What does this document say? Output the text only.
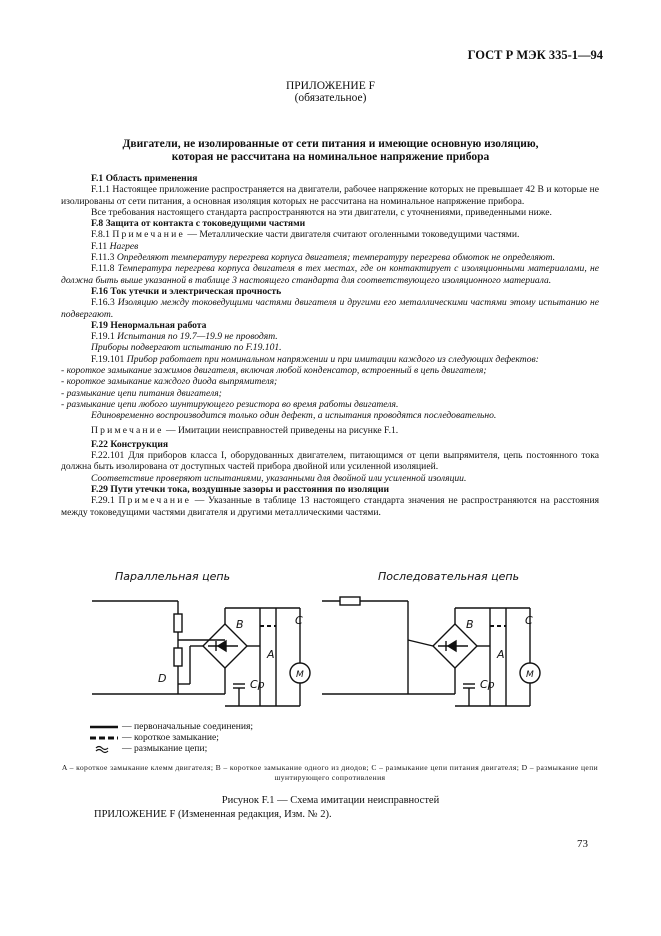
ГОСТ Р МЭК 335-1—94
ПРИЛОЖЕНИЕ F
(обязательное)
Двигатели, не изолированные от сети питания и имеющие основную изоляцию,
которая не рассчитана на номинальное напряжение прибора

F.1 Область применения

F.1.1 Настоящее приложение распространяется на двигатели, рабочее напряжение которых не превышает 42 В и которые не изолированы от сети питания, а основная изоляция которых не рассчитана на номинальное напряжение прибора.

Все требования настоящего стандарта распространяются на эти двигатели, с уточнениями, приведенными ниже.

F.8 Защита от контакта с токоведущими частями

F.8.1 Примечание — Металлические части двигателя считают оголенными токоведущими частями.

F.11 Нагрев

F.11.3 Определяют температуру перегрева корпуса двигателя; температуру перегрева обмоток не определяют.

F.11.8 Температура перегрева корпуса двигателя в тех местах, где он контактирует с изоляционными материалами, не должна быть выше указанной в таблице 3 настоящего стандарта для соответствующего изоляционного материала.

F.16 Ток утечки и электрическая прочность

F.16.3 Изоляцию между токоведущими частями двигателя и другими его металлическими частями этому испытанию не подвергают.

F.19 Ненормальная работа

F.19.1 Испытания по 19.7—19.9 не проводят.

Приборы подвергают испытанию по F.19.101.

F.19.101 Прибор работает при номинальном напряжении и при имитации каждого из следующих дефектов:

- короткое замыкание зажимов двигателя, включая любой конденсатор, встроенный в цепь двигателя;

- короткое замыкание каждого диода выпрямителя;

- размыкание цепи питания двигателя;

- размыкание цепи любого шунтирующего резистора во время работы двигателя.

Единовременно воспроизводится только один дефект, а испытания проводятся последовательно.

Примечание — Имитации неисправностей приведены на рисунке F.1.

F.22 Конструкция

F.22.101 Для приборов класса I, оборудованных двигателем, питающимся от цепи выпрямителя, цепь постоянного тока должна быть изолирована от доступных частей прибора двойной или усиленной изоляцией.

Соответствие проверяют испытаниями, указанными для двойной или усиленной изоляции.

F.29 Пути утечки тока, воздушные зазоры и расстояния по изоляции

F.29.1 Примечание — Указанные в таблице 13 настоящего стандарта значения не распространяются на расстояния между токоведущими частями двигателя и другими металлическими частями.

Параллельная цепь	Последовательная цепь
B	C
A
Cp
D	M
B	C
A
Cp
M
— первоначальные соединения;
— короткое замыкание;
— размыкание цепи;
A – короткое замыкание клемм двигателя; B – короткое замыкание одного из диодов; C – размыкание цепи питания двигателя; D – размыкание цепи шунтирующего сопротивления
Рисунок F.1 — Схема имитации неисправностей
ПРИЛОЖЕНИЕ F (Измененная редакция, Изм. № 2).
73
